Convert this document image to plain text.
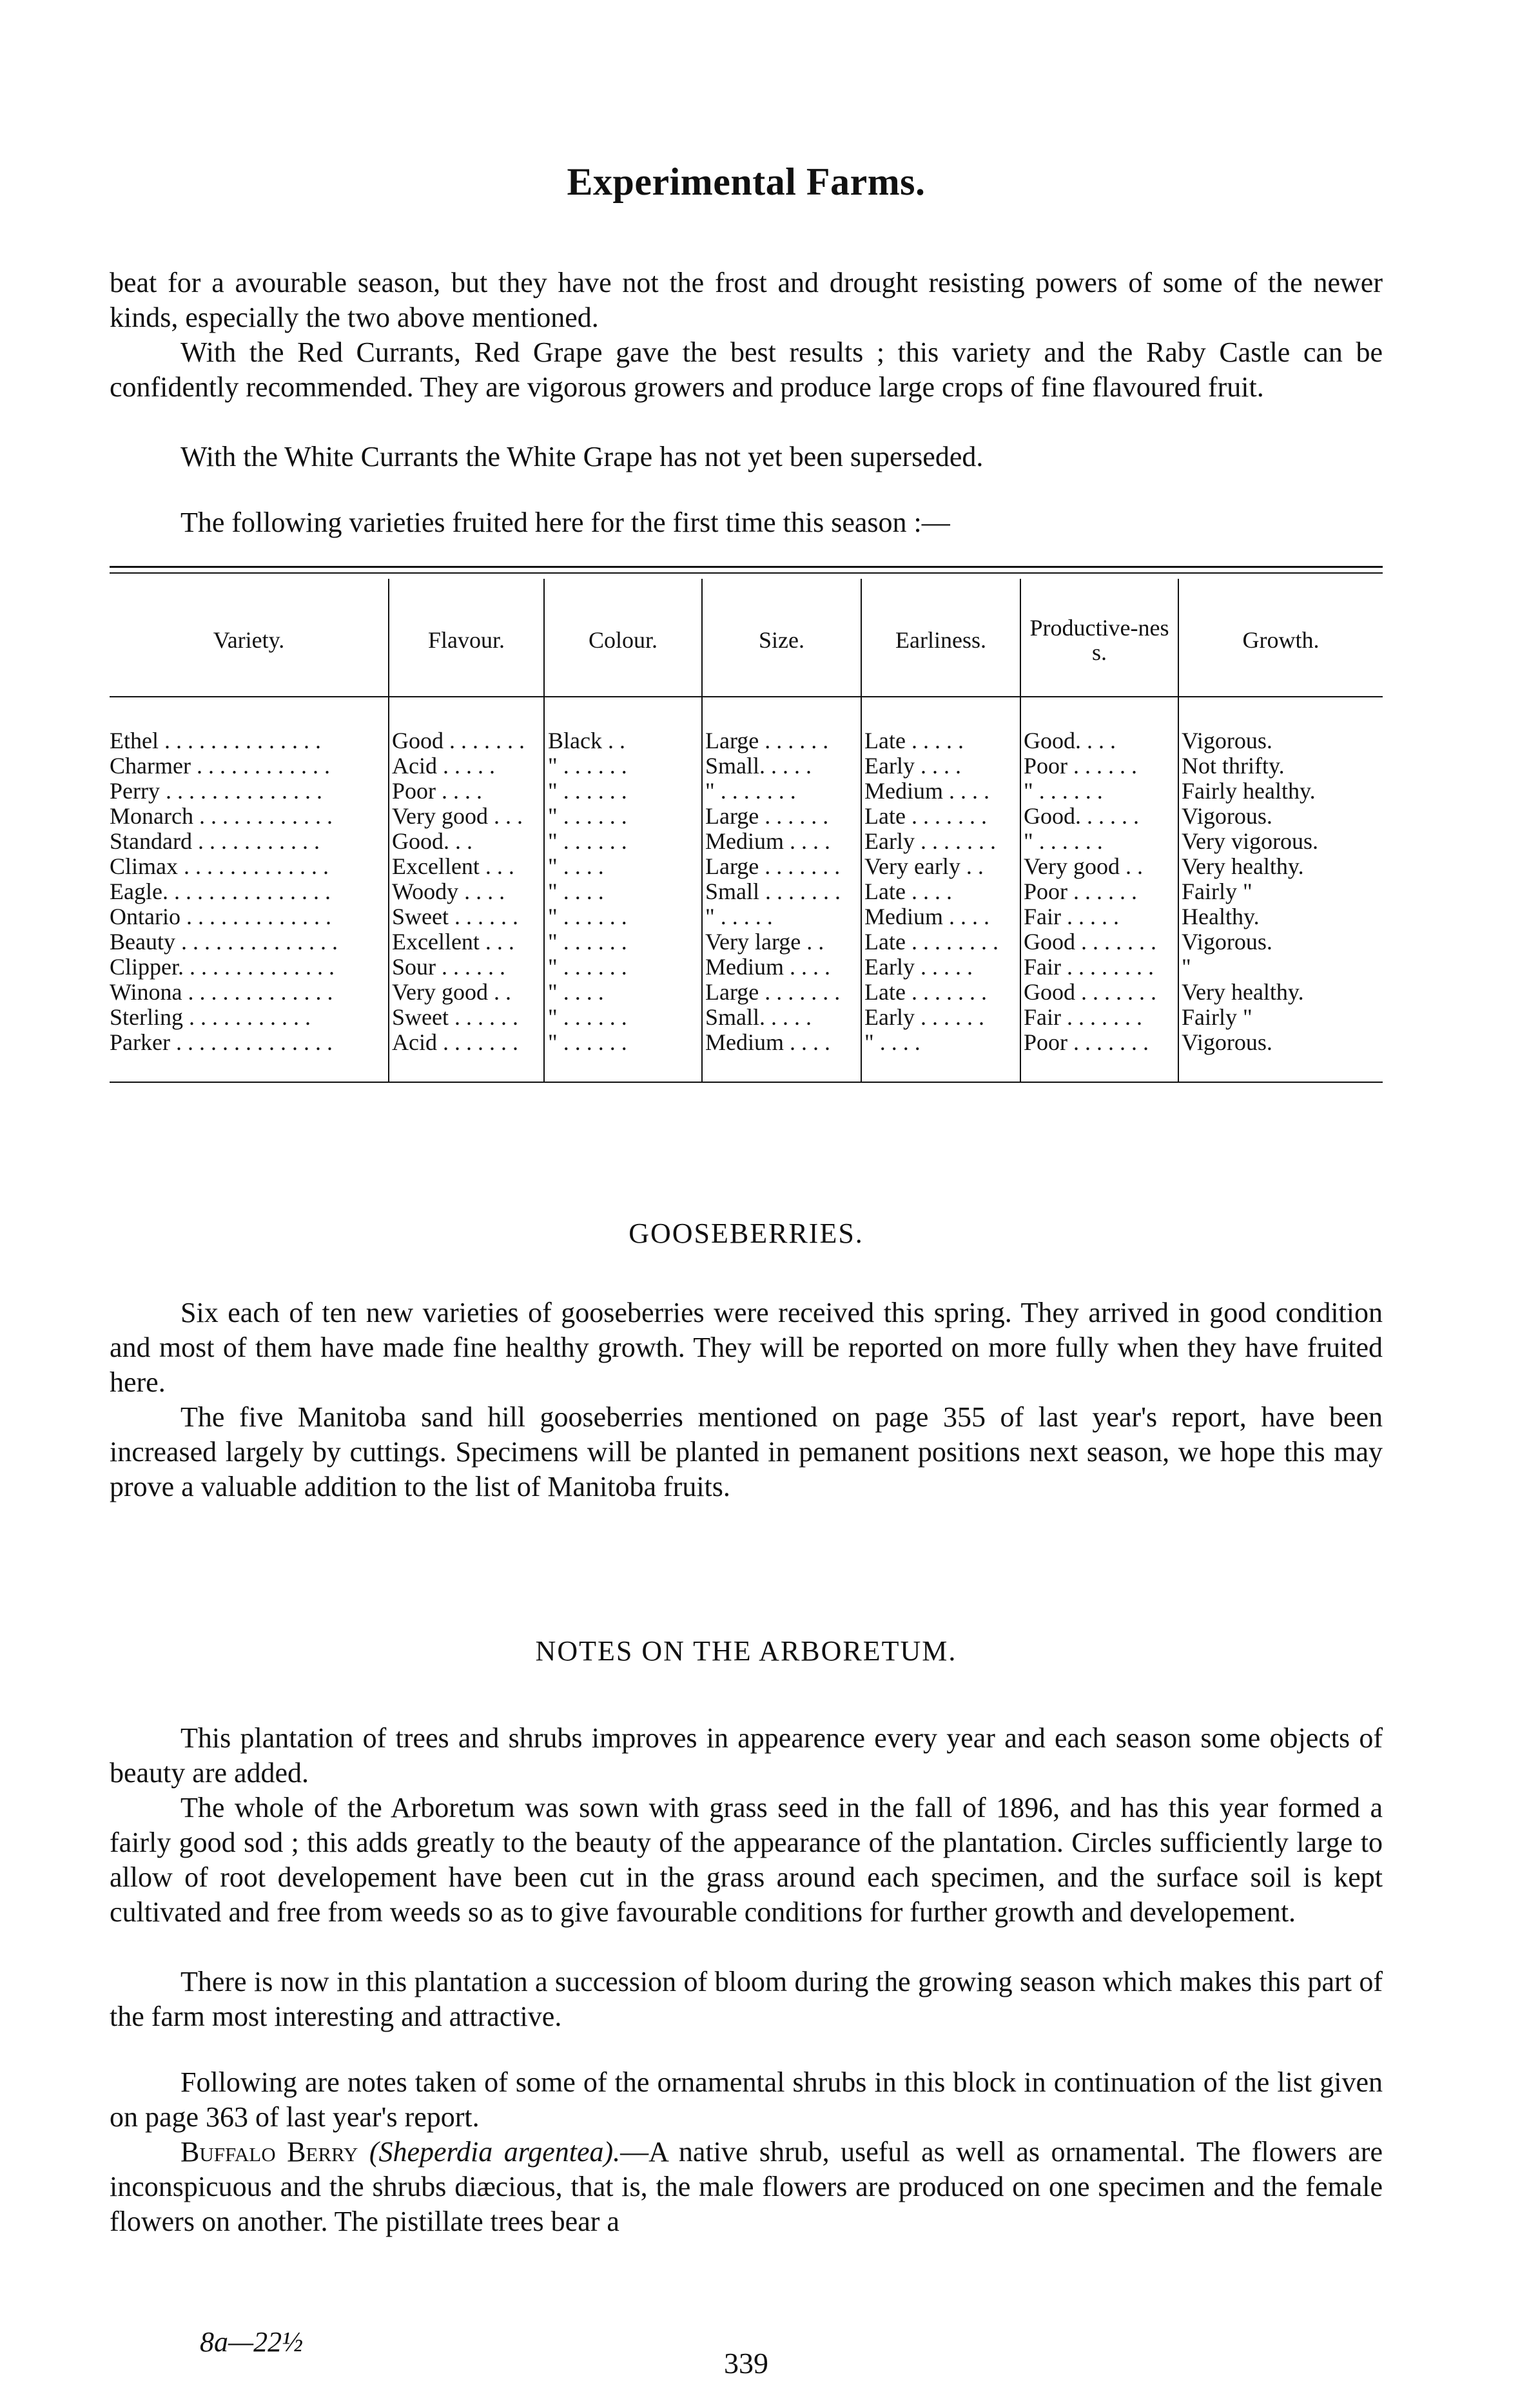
Experimental Farms.

beat for a avourable season, but they have not the frost and drought resisting powers of some of the newer kinds, especially the two above mentioned.

With the Red Currants, Red Grape gave the best results ; this variety and the Raby Castle can be confidently recommended. They are vigorous growers and produce large crops of fine flavoured fruit.

With the White Currants the White Grape has not yet been superseded.

The following varieties fruited here for the first time this season :—

Variety.	Flavour.	Colour.	Size.	Earliness.	Productive-ness.	Growth.
Ethel . . . . . . . . . . . . . .	Good . . . . . . .	Black . .	Large . . . . . .	Late . . . . .	Good. . . .	Vigorous.
Charmer . . . . . . . . . . . .	Acid . . . . .	" . . . . . .	Small. . . . .	Early . . . .	Poor . . . . . .	Not thrifty.
Perry . . . . . . . . . . . . . .	Poor . . . .	" . . . . . .	" . . . . . . .	Medium . . . .	" . . . . . .	Fairly healthy.
Monarch . . . . . . . . . . . .	Very good . . .	" . . . . . .	Large . . . . . .	Late . . . . . . .	Good. . . . . .	Vigorous.
Standard . . . . . . . . . . .	Good. . .	" . . . . . .	Medium . . . .	Early . . . . . . .	" . . . . . .	Very vigorous.
Climax . . . . . . . . . . . . .	Excellent . . .	" . . . .	Large . . . . . . .	Very early . .	Very good . .	Very healthy.
Eagle. . . . . . . . . . . . . . .	Woody . . . .	" . . . .	Small . . . . . . .	Late . . . .	Poor . . . . . .	Fairly "
Ontario . . . . . . . . . . . . .	Sweet . . . . . .	" . . . . . .	" . . . . .	Medium . . . .	Fair . . . . .	Healthy.
Beauty . . . . . . . . . . . . . .	Excellent . . .	" . . . . . .	Very large . .	Late . . . . . . . .	Good . . . . . . .	Vigorous.
Clipper. . . . . . . . . . . . . .	Sour . . . . . .	" . . . . . .	Medium . . . .	Early . . . . .	Fair . . . . . . . .	"
Winona . . . . . . . . . . . . .	Very good . .	" . . . .	Large . . . . . . .	Late . . . . . . .	Good . . . . . . .	Very healthy.
Sterling . . . . . . . . . . .	Sweet . . . . . .	" . . . . . .	Small. . . . .	Early . . . . . .	Fair . . . . . . .	Fairly "
Parker . . . . . . . . . . . . . .	Acid . . . . . . .	" . . . . . .	Medium . . . .	" . . . .	Poor . . . . . . .	Vigorous.
GOOSEBERRIES.

Six each of ten new varieties of gooseberries were received this spring. They arrived in good condition and most of them have made fine healthy growth. They will be reported on more fully when they have fruited here.

The five Manitoba sand hill gooseberries mentioned on page 355 of last year's report, have been increased largely by cuttings. Specimens will be planted in pemanent positions next season, we hope this may prove a valuable addition to the list of Manitoba fruits.

NOTES ON THE ARBORETUM.

This plantation of trees and shrubs improves in appearence every year and each season some objects of beauty are added.

The whole of the Arboretum was sown with grass seed in the fall of 1896, and has this year formed a fairly good sod ; this adds greatly to the beauty of the appearance of the plantation. Circles sufficiently large to allow of root developement have been cut in the grass around each specimen, and the surface soil is kept cultivated and free from weeds so as to give favourable conditions for further growth and developement.

There is now in this plantation a succession of bloom during the growing season which makes this part of the farm most interesting and attractive.

Following are notes taken of some of the ornamental shrubs in this block in continuation of the list given on page 363 of last year's report.

Buffalo Berry (Sheperdia argentea).—A native shrub, useful as well as ornamental. The flowers are inconspicuous and the shrubs diæcious, that is, the male flowers are produced on one specimen and the female flowers on another. The pistillate trees bear a

8a—22½
339
